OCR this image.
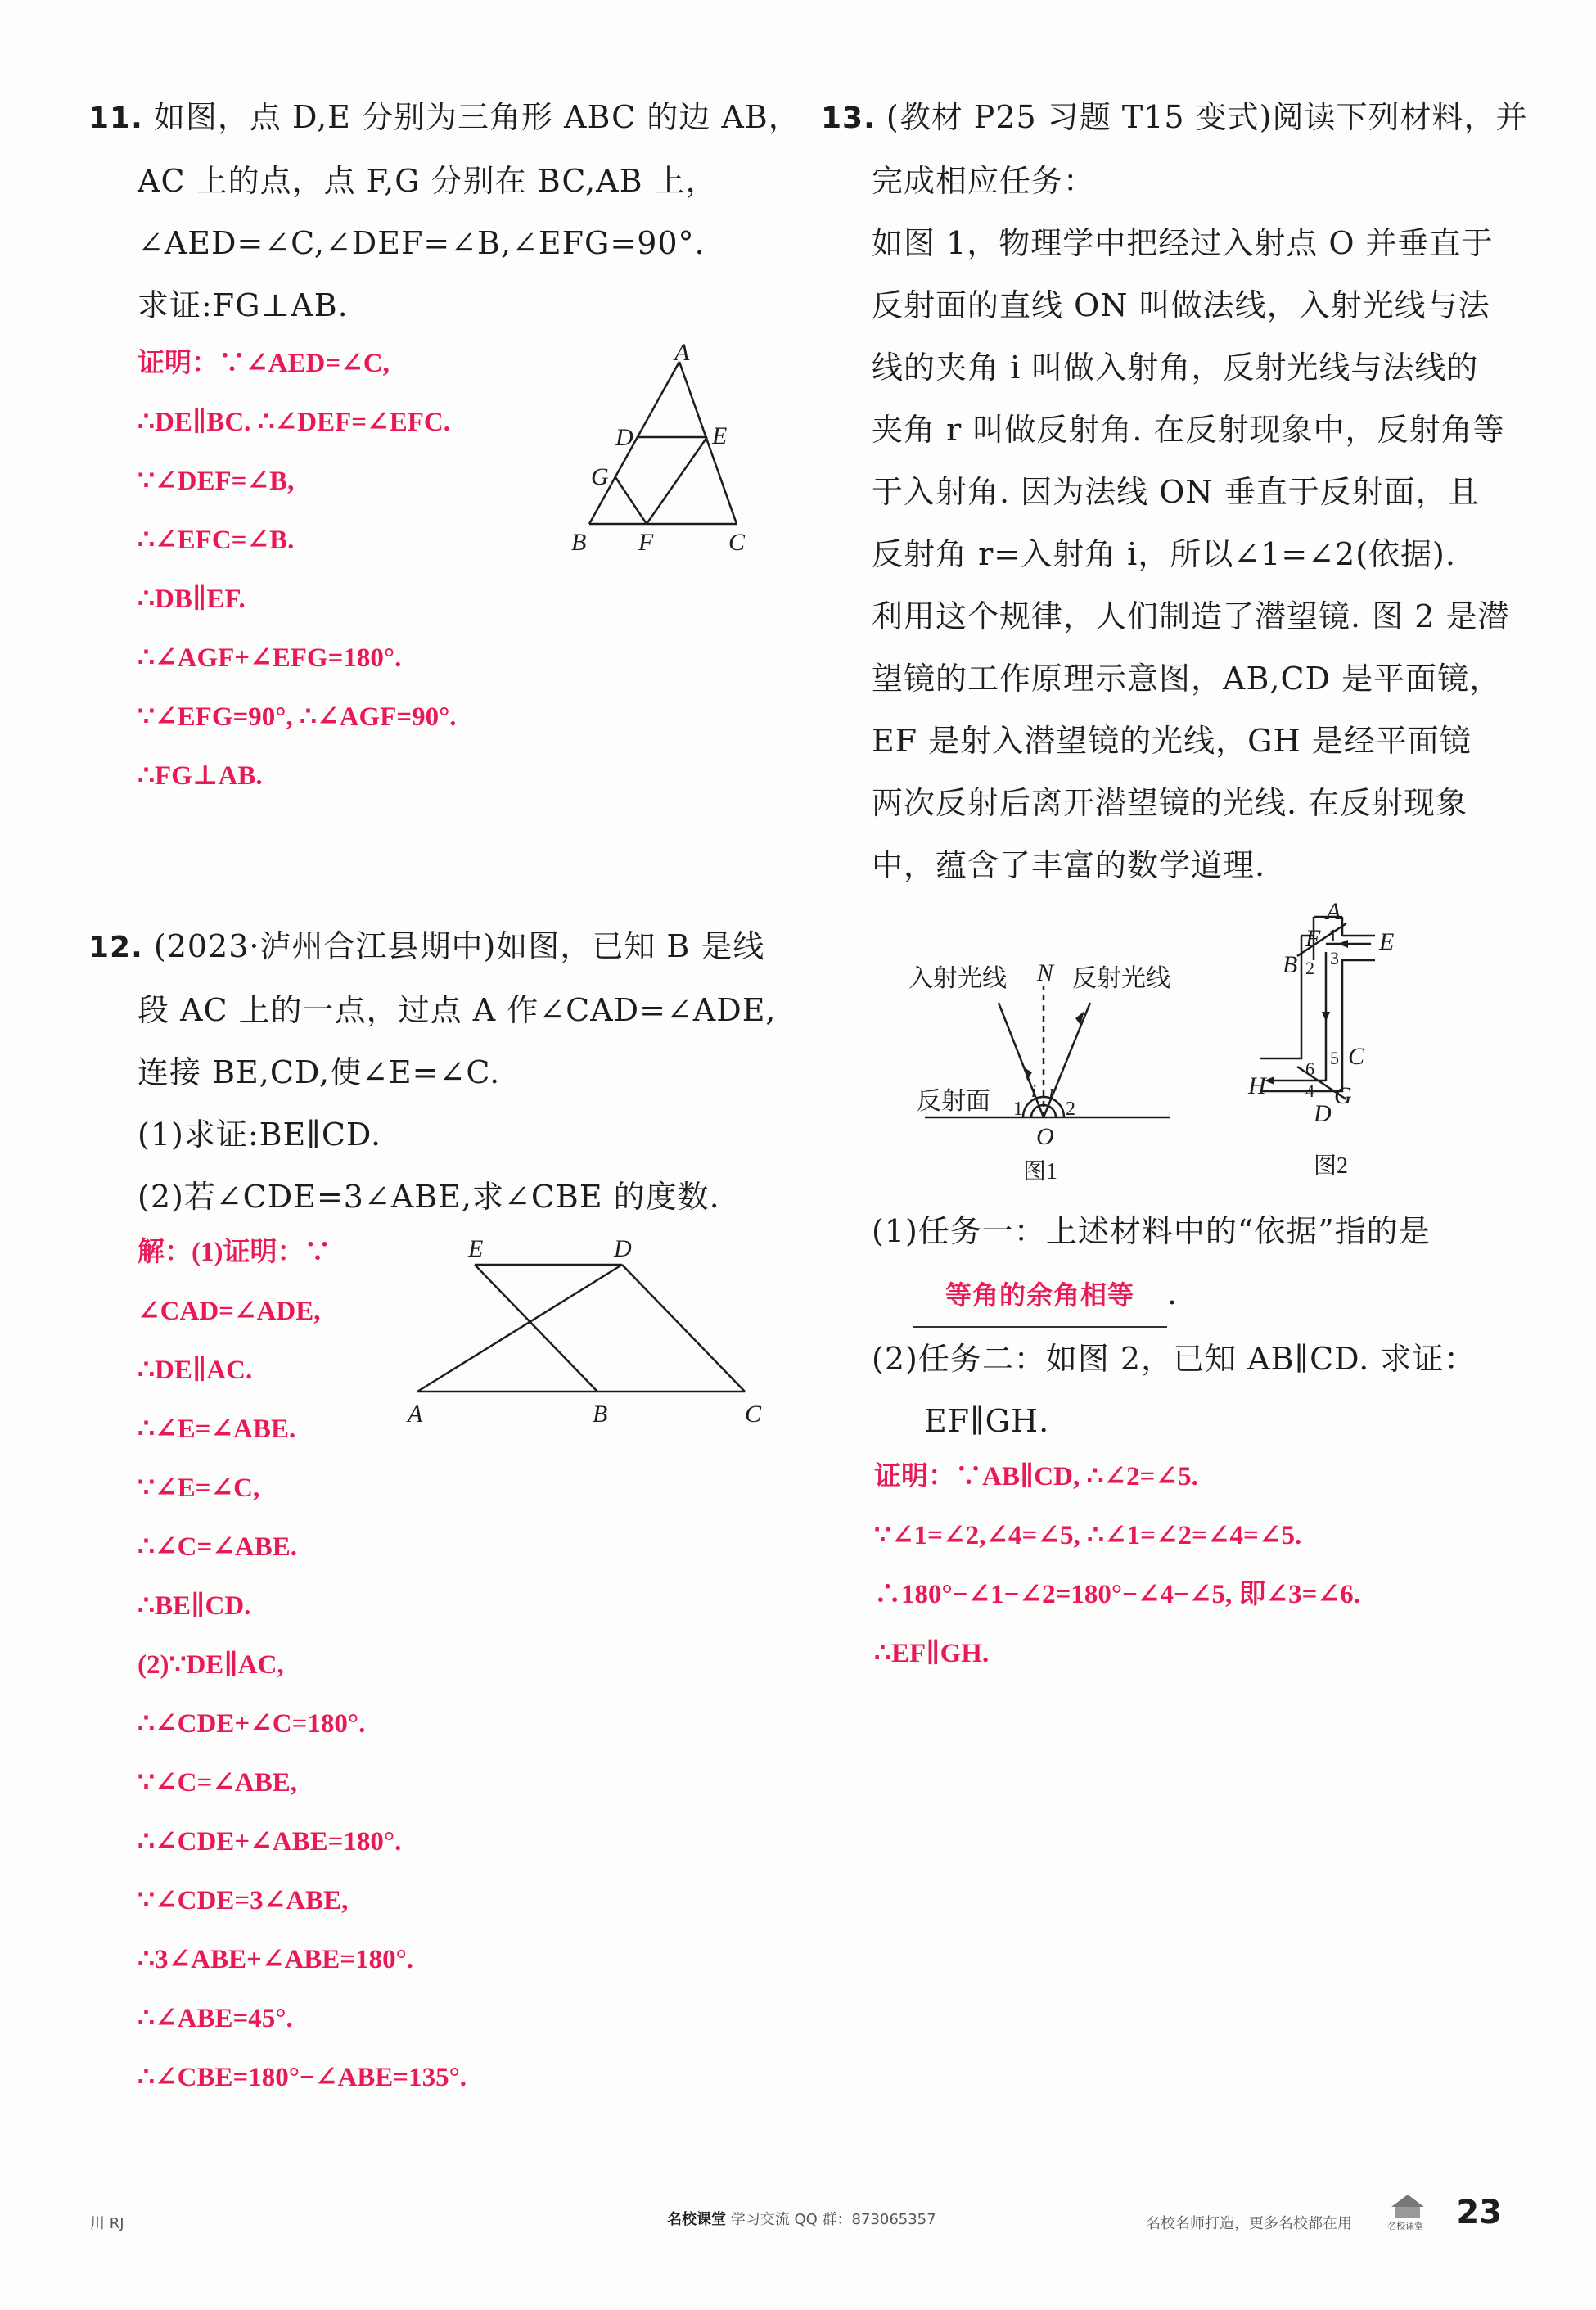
11. 如图，点 D,E 分别为三角形 ABC 的边 AB，
AC 上的点，点 F,G 分别在 BC,AB 上，
∠AED=∠C,∠DEF=∠B,∠EFG=90°.
求证:FG⊥AB.
证明：∵∠AED=∠C,
∴DE∥BC. ∴∠DEF=∠EFC.
∵∠DEF=∠B,
∴∠EFC=∠B.
∴DB∥EF.
∴∠AGF+∠EFG=180°.
∵∠EFG=90°, ∴∠AGF=90°.
∴FG⊥AB.
A
B	C
D	E
F
G
12. (2023·泸州合江县期中)如图，已知 B 是线
段 AC 上的一点，过点 A 作∠CAD=∠ADE,
连接 BE,CD,使∠E=∠C.
(1)求证:BE∥CD.
(2)若∠CDE=3∠ABE,求∠CBE 的度数.
解：(1)证明：∵
∠CAD=∠ADE,
∴DE∥AC.
∴∠E=∠ABE.
∵∠E=∠C,
∴∠C=∠ABE.
∴BE∥CD.
(2)∵DE∥AC,
∴∠CDE+∠C=180°.
∵∠C=∠ABE,
∴∠CDE+∠ABE=180°.
∵∠CDE=3∠ABE,
∴3∠ABE+∠ABE=180°.
∴∠ABE=45°.
∴∠CBE=180°−∠ABE=135°.
A	B	C
D
E
13. (教材 P25 习题 T15 变式)阅读下列材料，并
完成相应任务：
如图 1，物理学中把经过入射点 O 并垂直于
反射面的直线 ON 叫做法线，入射光线与法
线的夹角 i 叫做入射角，反射光线与法线的
夹角 r 叫做反射角. 在反射现象中，反射角等
于入射角. 因为法线 ON 垂直于反射面，且
反射角 r=入射角 i，所以∠1=∠2(依据).
利用这个规律，人们制造了潜望镜. 图 2 是潜
望镜的工作原理示意图，AB,CD 是平面镜，
EF 是射入潜望镜的光线，GH 是经平面镜
两次反射后离开潜望镜的光线. 在反射现象
中，蕴含了丰富的数学道理.
入射光线	反射光线
反射面
N
O
i r
1 2
图1
A
B
C
D
E
F
G
H
1
2 3
4
5
6
图2
(1)任务一：上述材料中的“依据”指的是
等角的余角相等 .
(2)任务二：如图 2，已知 AB∥CD. 求证：
EF∥GH.
证明：∵AB∥CD, ∴∠2=∠5.
∵∠1=∠2,∠4=∠5, ∴∠1=∠2=∠4=∠5.
∴180°−∠1−∠2=180°−∠4−∠5, 即∠3=∠6.
∴EF∥GH.
川 RJ	名校课堂 学习交流 QQ 群：873065357	名校名师打造，更多名校都在用	名校课堂 23
